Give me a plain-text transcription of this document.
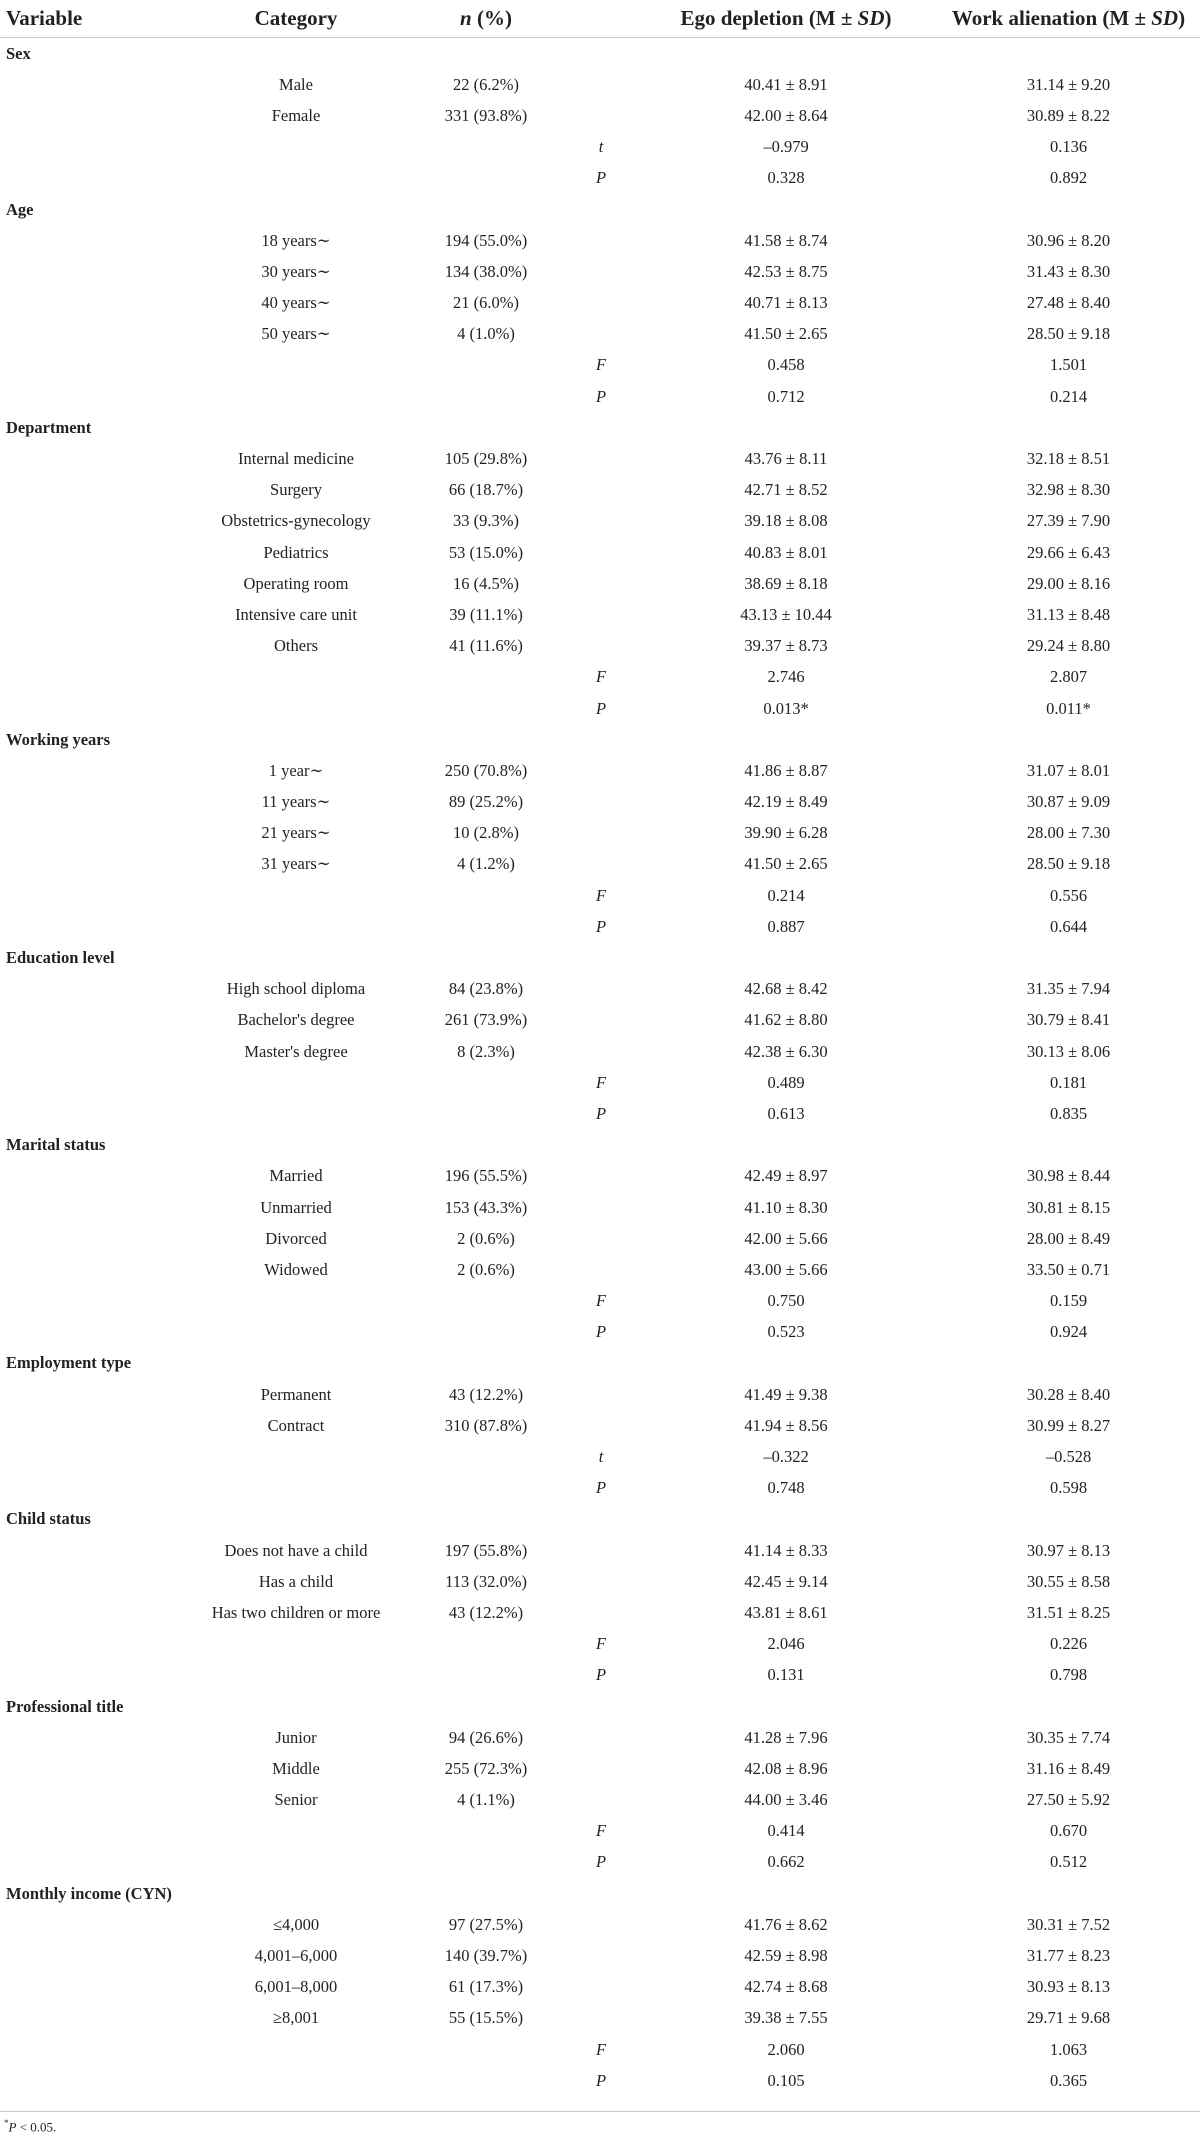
Variable	Category	n (%)		Ego depletion (M ± SD)	Work alienation (M ± SD)
Sex					
	Male	22 (6.2%)		40.41 ± 8.91	31.14 ± 9.20
	Female	331 (93.8%)		42.00 ± 8.64	30.89 ± 8.22
			t	–0.979	0.136
			P	0.328	0.892
Age					
	18 years∼	194 (55.0%)		41.58 ± 8.74	30.96 ± 8.20
	30 years∼	134 (38.0%)		42.53 ± 8.75	31.43 ± 8.30
	40 years∼	21 (6.0%)		40.71 ± 8.13	27.48 ± 8.40
	50 years∼	4 (1.0%)		41.50 ± 2.65	28.50 ± 9.18
			F	0.458	1.501
			P	0.712	0.214
Department					
	Internal medicine	105 (29.8%)		43.76 ± 8.11	32.18 ± 8.51
	Surgery	66 (18.7%)		42.71 ± 8.52	32.98 ± 8.30
	Obstetrics-gynecology	33 (9.3%)		39.18 ± 8.08	27.39 ± 7.90
	Pediatrics	53 (15.0%)		40.83 ± 8.01	29.66 ± 6.43
	Operating room	16 (4.5%)		38.69 ± 8.18	29.00 ± 8.16
	Intensive care unit	39 (11.1%)		43.13 ± 10.44	31.13 ± 8.48
	Others	41 (11.6%)		39.37 ± 8.73	29.24 ± 8.80
			F	2.746	2.807
			P	0.013*	0.011*
Working years					
	1 year∼	250 (70.8%)		41.86 ± 8.87	31.07 ± 8.01
	11 years∼	89 (25.2%)		42.19 ± 8.49	30.87 ± 9.09
	21 years∼	10 (2.8%)		39.90 ± 6.28	28.00 ± 7.30
	31 years∼	4 (1.2%)		41.50 ± 2.65	28.50 ± 9.18
			F	0.214	0.556
			P	0.887	0.644
Education level					
	High school diploma	84 (23.8%)		42.68 ± 8.42	31.35 ± 7.94
	Bachelor's degree	261 (73.9%)		41.62 ± 8.80	30.79 ± 8.41
	Master's degree	8 (2.3%)		42.38 ± 6.30	30.13 ± 8.06
			F	0.489	0.181
			P	0.613	0.835
Marital status					
	Married	196 (55.5%)		42.49 ± 8.97	30.98 ± 8.44
	Unmarried	153 (43.3%)		41.10 ± 8.30	30.81 ± 8.15
	Divorced	2 (0.6%)		42.00 ± 5.66	28.00 ± 8.49
	Widowed	2 (0.6%)		43.00 ± 5.66	33.50 ± 0.71
			F	0.750	0.159
			P	0.523	0.924
Employment type					
	Permanent	43 (12.2%)		41.49 ± 9.38	30.28 ± 8.40
	Contract	310 (87.8%)		41.94 ± 8.56	30.99 ± 8.27
			t	–0.322	–0.528
			P	0.748	0.598
Child status					
	Does not have a child	197 (55.8%)		41.14 ± 8.33	30.97 ± 8.13
	Has a child	113 (32.0%)		42.45 ± 9.14	30.55 ± 8.58
	Has two children or more	43 (12.2%)		43.81 ± 8.61	31.51 ± 8.25
			F	2.046	0.226
			P	0.131	0.798
Professional title					
	Junior	94 (26.6%)		41.28 ± 7.96	30.35 ± 7.74
	Middle	255 (72.3%)		42.08 ± 8.96	31.16 ± 8.49
	Senior	4 (1.1%)		44.00 ± 3.46	27.50 ± 5.92
			F	0.414	0.670
			P	0.662	0.512
Monthly income (CYN)					
	≤4,000	97 (27.5%)		41.76 ± 8.62	30.31 ± 7.52
	4,001–6,000	140 (39.7%)		42.59 ± 8.98	31.77 ± 8.23
	6,001–8,000	61 (17.3%)		42.74 ± 8.68	30.93 ± 8.13
	≥8,001	55 (15.5%)		39.38 ± 7.55	29.71 ± 9.68
			F	2.060	1.063
			P	0.105	0.365
*P < 0.05.
